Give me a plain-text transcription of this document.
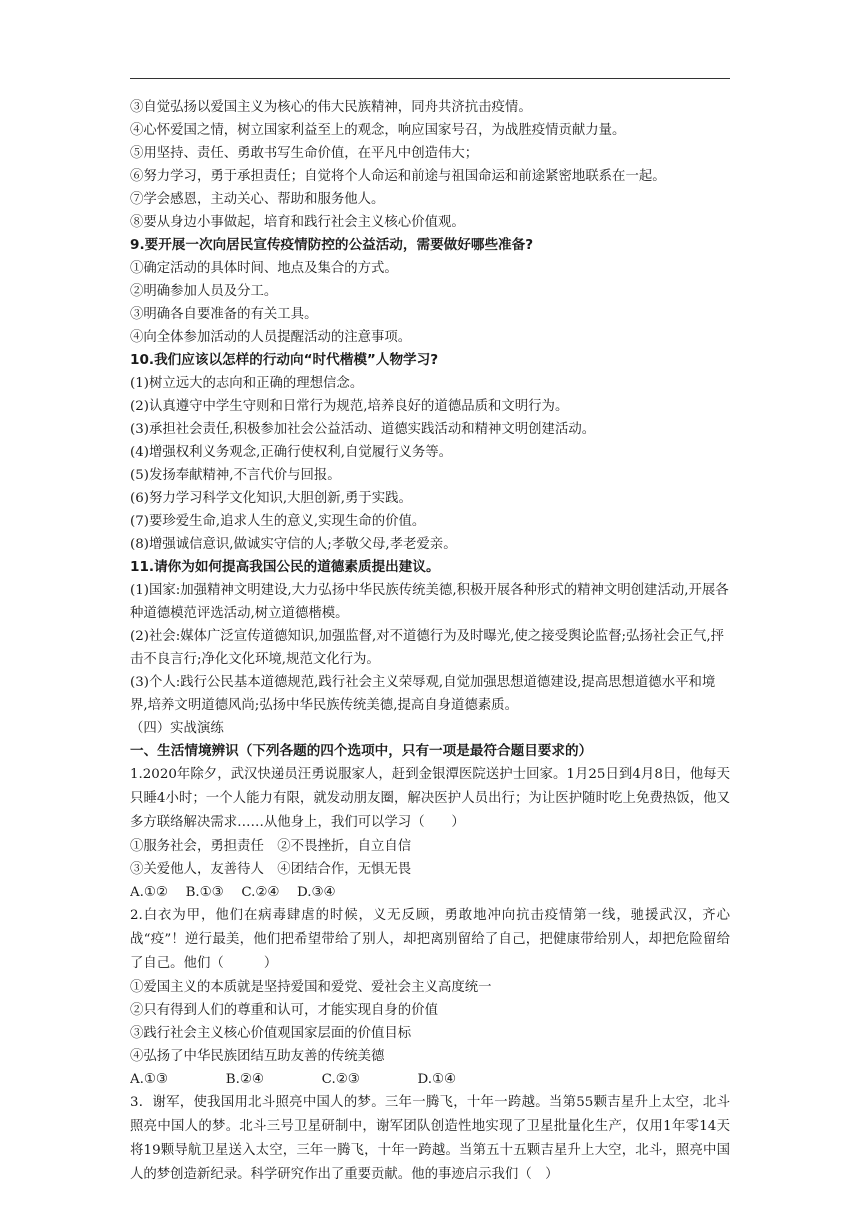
③自觉弘扬以爱国主义为核心的伟大民族精神，同舟共济抗击疫情。
④心怀爱国之情，树立国家利益至上的观念，响应国家号召，为战胜疫情贡献力量。
⑤用坚持、责任、勇敢书写生命价值，在平凡中创造伟大；
⑥努力学习，勇于承担责任；自觉将个人命运和前途与祖国命运和前途紧密地联系在一起。
⑦学会感恩，主动关心、帮助和服务他人。
⑧要从身边小事做起，培育和践行社会主义核心价值观。
9.要开展一次向居民宣传疫情防控的公益活动，需要做好哪些准备?
①确定活动的具体时间、地点及集合的方式。
②明确参加人员及分工。
③明确各自要准备的有关工具。
④向全体参加活动的人员提醒活动的注意事项。
10.我们应该以怎样的行动向“时代楷模”人物学习?
(1)树立远大的志向和正确的理想信念。
(2)认真遵守中学生守则和日常行为规范,培养良好的道德品质和文明行为。
(3)承担社会责任,积极参加社会公益活动、道德实践活动和精神文明创建活动。
(4)增强权利义务观念,正确行使权利,自觉履行义务等。
(5)发扬奉献精神,不言代价与回报。
(6)努力学习科学文化知识,大胆创新,勇于实践。
(7)要珍爱生命,追求人生的意义,实现生命的价值。
(8)增强诚信意识,做诚实守信的人;孝敬父母,孝老爱亲。
11.请你为如何提高我国公民的道德素质提出建议。
(1)国家:加强精神文明建设,大力弘扬中华民族传统美德,积极开展各种形式的精神文明创建活动,开展各种道德模范评选活动,树立道德楷模。
(2)社会:媒体广泛宣传道德知识,加强监督,对不道德行为及时曝光,使之接受舆论监督;弘扬社会正气,抨击不良言行;净化文化环境,规范文化行为。
(3)个人:践行公民基本道德规范,践行社会主义荣辱观,自觉加强思想道德建设,提高思想道德水平和境界,培养文明道德风尚;弘扬中华民族传统美德,提高自身道德素质。
（四）实战演练
一、生活情境辨识（下列各题的四个选项中，只有一项是最符合题目要求的）
1.2020年除夕，武汉快递员汪勇说服家人，赶到金银潭医院送护士回家。1月25日到4月8日，他每天只睡4小时；一个人能力有限，就发动朋友圈，解决医护人员出行；为让医护随时吃上免费热饭，他又多方联络解决需求……从他身上，我们可以学习（　　）
①服务社会，勇担责任　②不畏挫折，自立自信
③关爱他人，友善待人　④团结合作，无惧无畏
A.①②　 B.①③　 C.②④　 D.③④
2.白衣为甲，他们在病毒肆虐的时候，义无反顾，勇敢地冲向抗击疫情第一线，驰援武汉，齐心战“疫”！逆行最美，他们把希望带给了别人，却把离别留给了自己，把健康带给别人，却把危险留给了自己。他们（　　　）
①爱国主义的本质就是坚持爱国和爱党、爱社会主义高度统一
②只有得到人们的尊重和认可，才能实现自身的价值
③践行社会主义核心价值观国家层面的价值目标
④弘扬了中华民族团结互助友善的传统美德
A.①③　　　　 B.②④　　　　 C.②③　　　　 D.①④
3．谢军，使我国用北斗照亮中国人的梦。三年一腾飞，十年一跨越。当第55颗吉星升上太空，北斗照亮中国人的梦。北斗三号卫星研制中，谢军团队创造性地实现了卫星批量化生产，仅用1年零14天将19颗导航卫星送入太空，三年一腾飞，十年一跨越。当第五十五颗吉星升上大空，北斗，照亮中国人的梦创造新纪录。科学研究作出了重要贡献。他的事迹启示我们（　）
